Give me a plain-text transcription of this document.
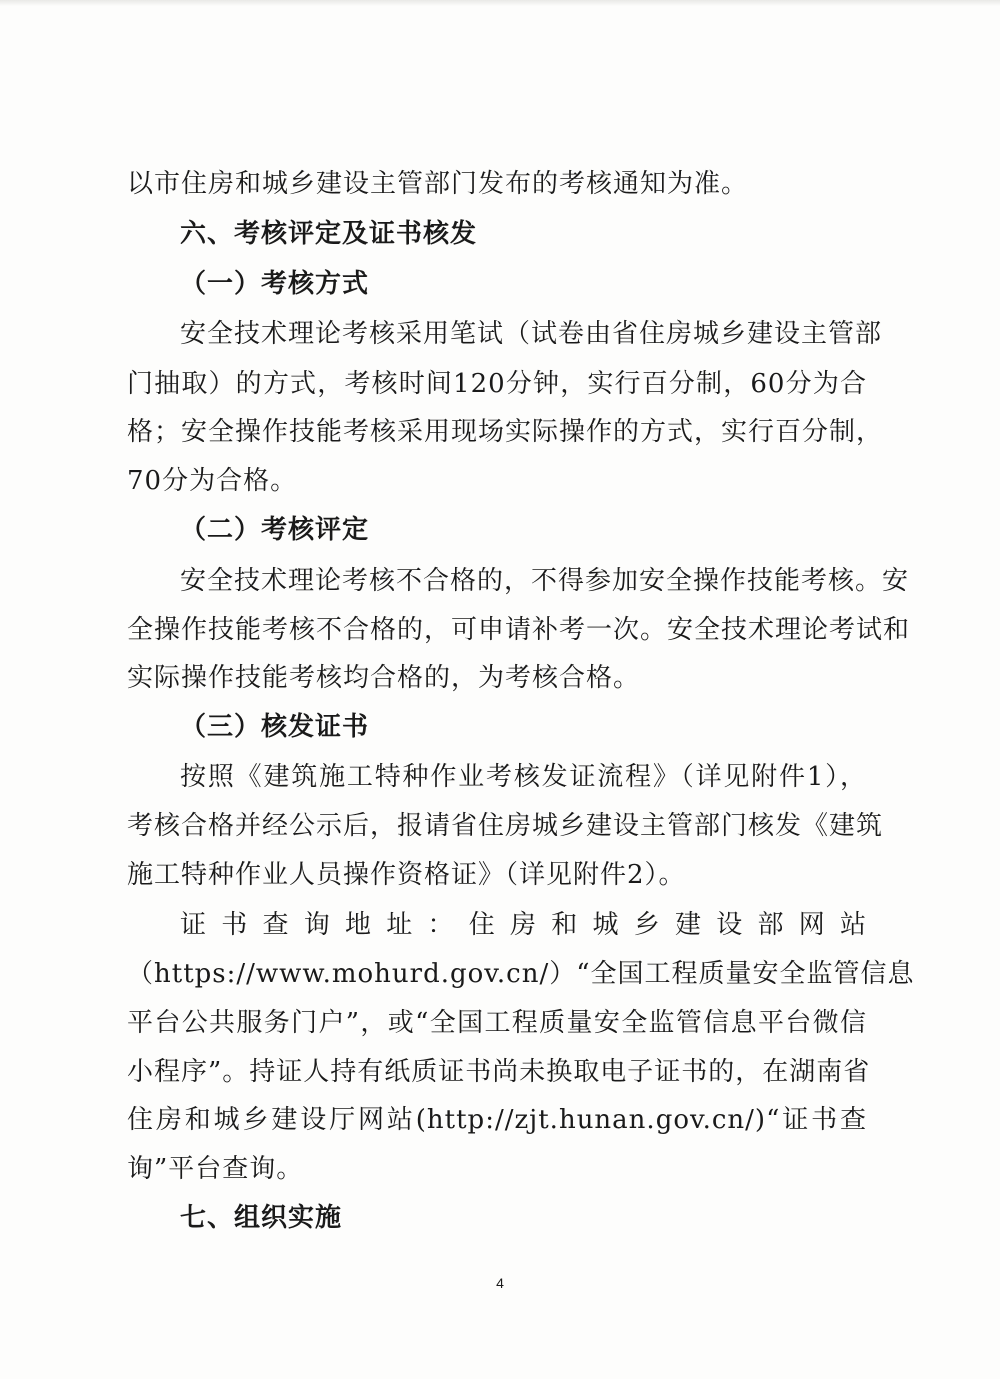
以市住房和城乡建设主管部门发布的考核通知为准。
六、考核评定及证书核发
（一）考核方式
安全技术理论考核采用笔试（试卷由省住房城乡建设主管部
门抽取）的方式，考核时间120分钟，实行百分制，60分为合
格；安全操作技能考核采用现场实际操作的方式，实行百分制，
70分为合格。
（二）考核评定
安全技术理论考核不合格的，不得参加安全操作技能考核。安
全操作技能考核不合格的，可申请补考一次。安全技术理论考试和
实际操作技能考核均合格的，为考核合格。
（三）核发证书
按照《建筑施工特种作业考核发证流程》（详见附件1），
考核合格并经公示后，报请省住房城乡建设主管部门核发《建筑
施工特种作业人员操作资格证》（详见附件2）。
证书查询地址：住房和城乡建设部网站
（https://www.mohurd.gov.cn/）“全国工程质量安全监管信息
平台公共服务门户”，或“全国工程质量安全监管信息平台微信
小程序”。持证人持有纸质证书尚未换取电子证书的，在湖南省
住房和城乡建设厅网站(http://zjt.hunan.gov.cn/)“证书查
询”平台查询。
七、组织实施
4
